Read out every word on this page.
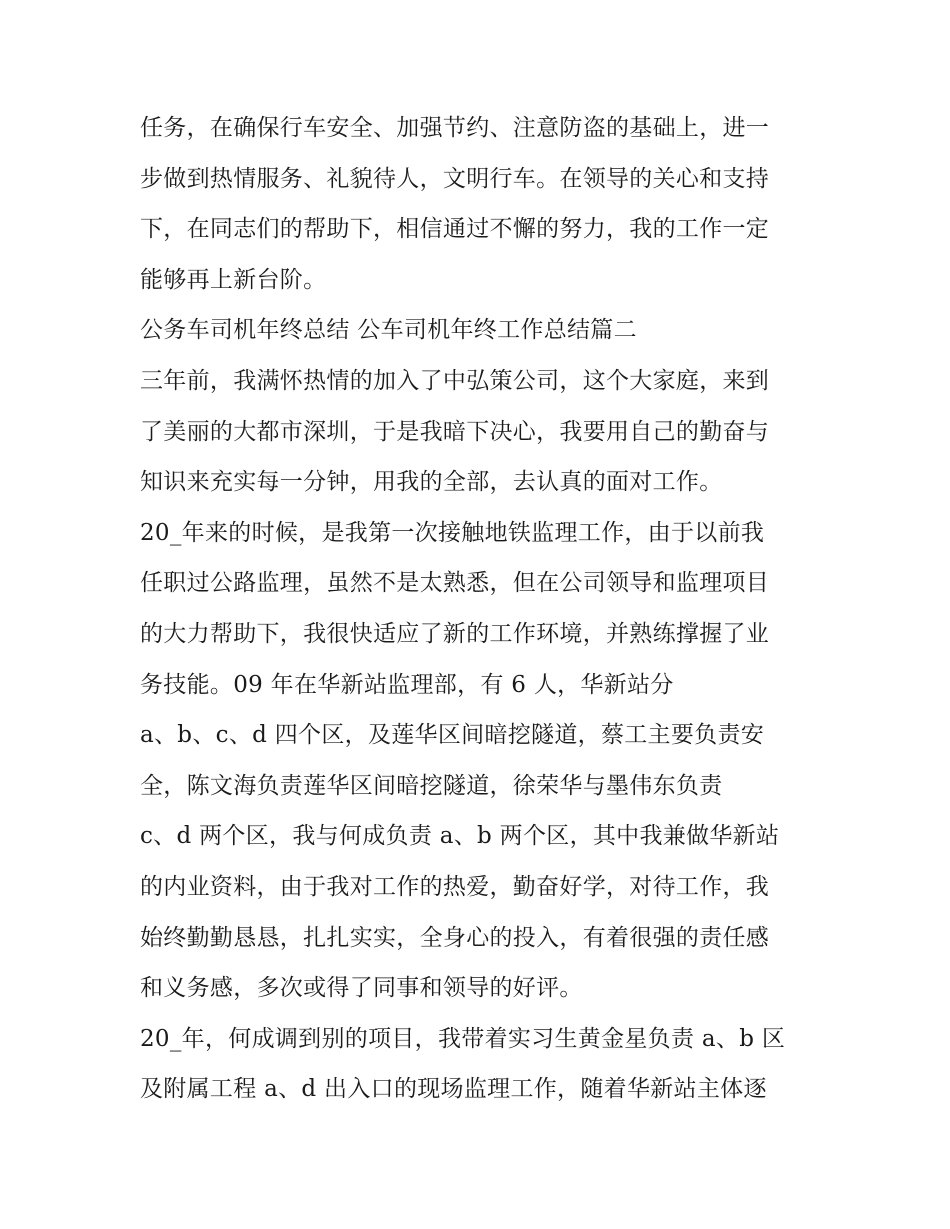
任务，在确保行车安全、加强节约、注意防盗的基础上，进一
步做到热情服务、礼貌待人，文明行车。在领导的关心和支持
下，在同志们的帮助下，相信通过不懈的努力，我的工作一定
能够再上新台阶。
公务车司机年终总结 公车司机年终工作总结篇二
三年前，我满怀热情的加入了中弘策公司，这个大家庭，来到
了美丽的大都市深圳，于是我暗下决心，我要用自己的勤奋与
知识来充实每一分钟，用我的全部，去认真的面对工作。
20_年来的时候，是我第一次接触地铁监理工作，由于以前我
任职过公路监理，虽然不是太熟悉，但在公司领导和监理项目
的大力帮助下，我很快适应了新的工作环境，并熟练撑握了业
务技能。09 年在华新站监理部，有 6 人，华新站分
a、b、c、d 四个区，及莲华区间暗挖隧道，蔡工主要负责安
全，陈文海负责莲华区间暗挖隧道，徐荣华与墨伟东负责
c、d 两个区，我与何成负责 a、b 两个区，其中我兼做华新站
的内业资料，由于我对工作的热爱，勤奋好学，对待工作，我
始终勤勤恳恳，扎扎实实，全身心的投入，有着很强的责任感
和义务感，多次或得了同事和领导的好评。
20_年，何成调到别的项目，我带着实习生黄金星负责 a、b 区
及附属工程 a、d 出入口的现场监理工作，随着华新站主体逐
